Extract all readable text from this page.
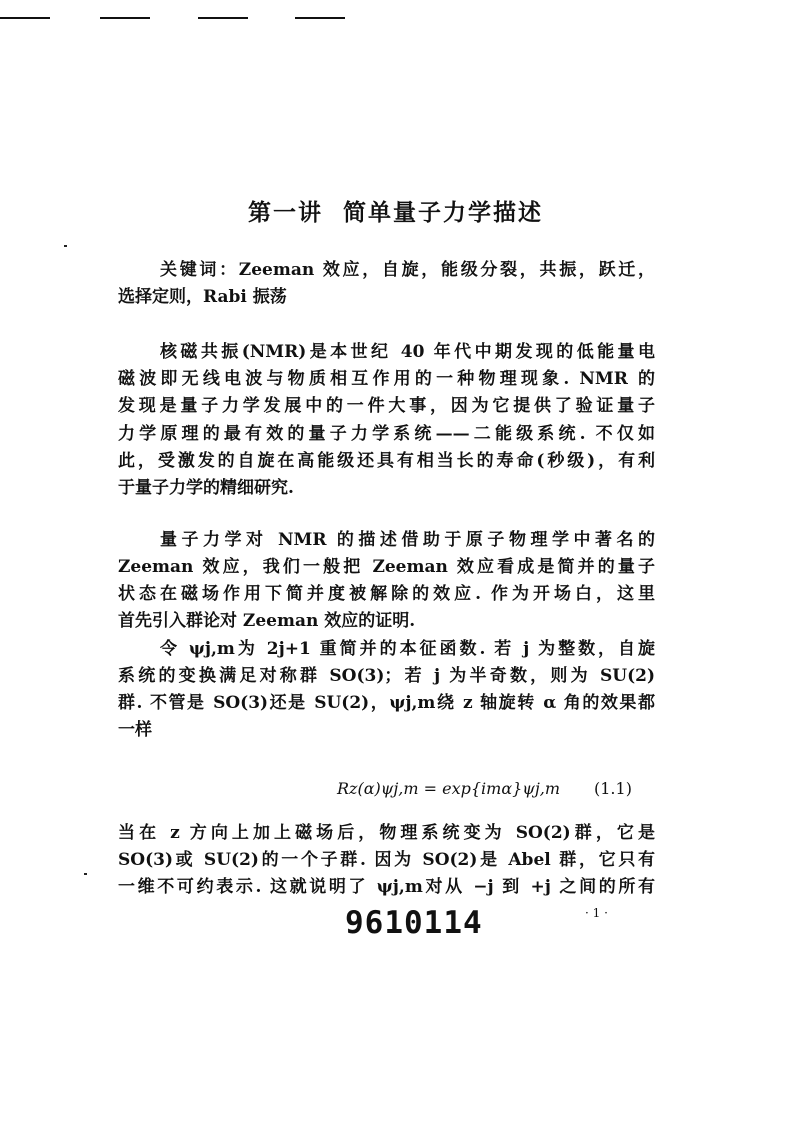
第一讲 简单量子力学描述
关键词：Zeeman 效应，自旋，能级分裂，共振，跃迁，
选择定则，Rabi 振荡
核磁共振(NMR)是本世纪 40 年代中期发现的低能量电
磁波即无线电波与物质相互作用的一种物理现象. NMR 的
发现是量子力学发展中的一件大事，因为它提供了验证量子
力学原理的最有效的量子力学系统——二能级系统. 不仅如
此，受激发的自旋在高能级还具有相当长的寿命(秒级)，有利
于量子力学的精细研究.
量子力学对 NMR 的描述借助于原子物理学中著名的
Zeeman 效应，我们一般把 Zeeman 效应看成是简并的量子
状态在磁场作用下简并度被解除的效应. 作为开场白，这里
首先引入群论对 Zeeman 效应的证明.
令 ψj,m为 2j+1 重简并的本征函数. 若 j 为整数，自旋
系统的变换满足对称群 SO(3)；若 j 为半奇数，则为 SU(2)
群. 不管是 SO(3)还是 SU(2)，ψj,m绕 z 轴旋转 α 角的效果都
一样
Rz(α)ψj,m = exp{imα}ψj,m	(1.1)
当在 z 方向上加上磁场后，物理系统变为 SO(2)群，它是
SO(3)或 SU(2)的一个子群. 因为 SO(2)是 Abel 群，它只有
一维不可约表示. 这就说明了 ψj,m对从 −j 到 +j 之间的所有
9610114	· 1 ·
